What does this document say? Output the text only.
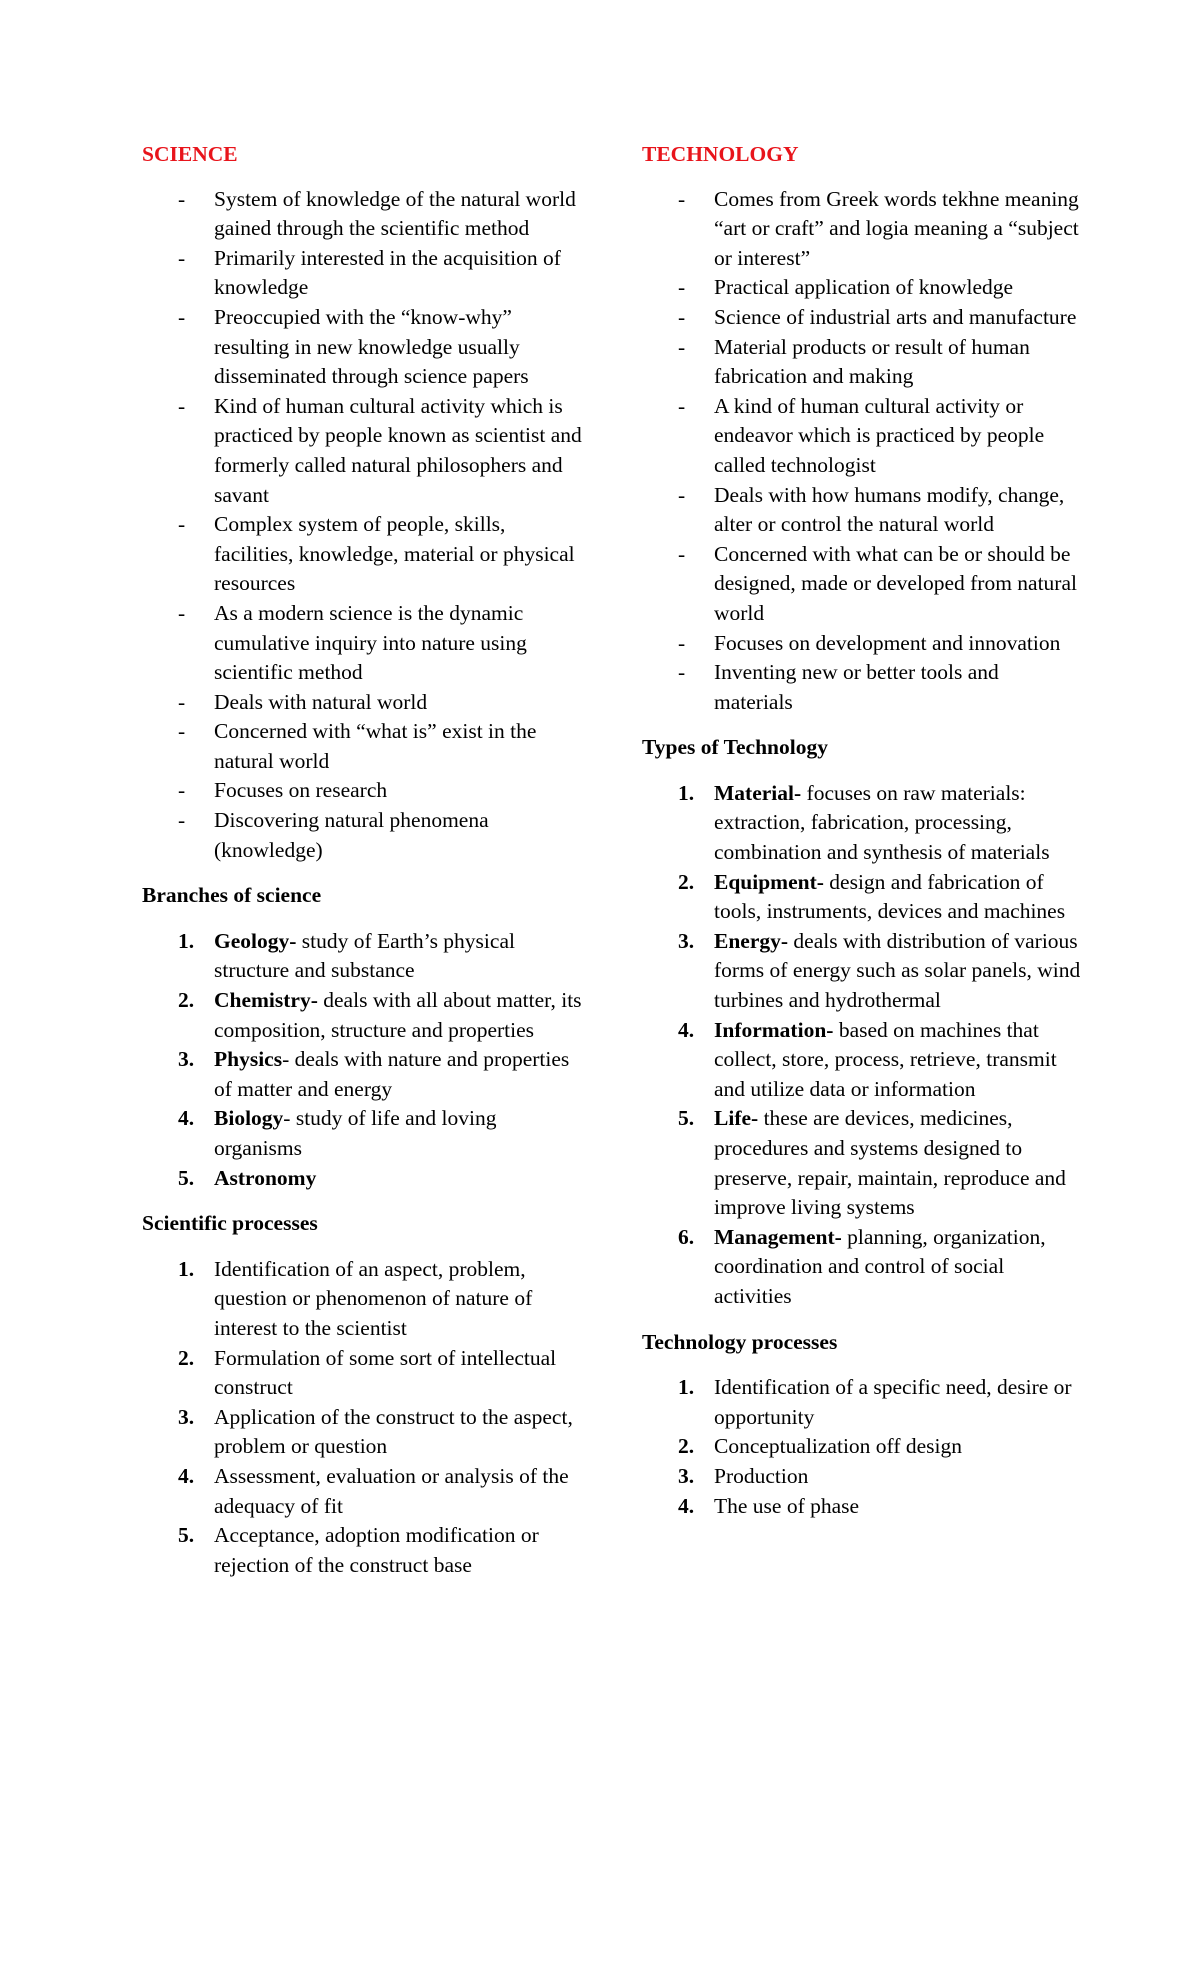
SCIENCE
- System of knowledge of the natural world gained through the scientific method
- Primarily interested in the acquisition of knowledge
- Preoccupied with the “know-why” resulting in new knowledge usually disseminated through science papers
- Kind of human cultural activity which is practiced by people known as scientist and formerly called natural philosophers and savant
- Complex system of people, skills, facilities, knowledge, material or physical resources
- As a modern science is the dynamic cumulative inquiry into nature using scientific method
- Deals with natural world
- Concerned with “what is” exist in the natural world
- Focuses on research
- Discovering natural phenomena (knowledge)
Branches of science
1. Geology- study of Earth’s physical structure and substance
2. Chemistry- deals with all about matter, its composition, structure and properties
3. Physics- deals with nature and properties of matter and energy
4. Biology- study of life and loving organisms
5. Astronomy
Scientific processes
1. Identification of an aspect, problem, question or phenomenon of nature of interest to the scientist
2. Formulation of some sort of intellectual construct
3. Application of the construct to the aspect, problem or question
4. Assessment, evaluation or analysis of the adequacy of fit
5. Acceptance, adoption modification or rejection of the construct base
TECHNOLOGY
- Comes from Greek words tekhne meaning “art or craft” and logia meaning a “subject or interest”
- Practical application of knowledge
- Science of industrial arts and manufacture
- Material products or result of human fabrication and making
- A kind of human cultural activity or endeavor which is practiced by people called technologist
- Deals with how humans modify, change, alter or control the natural world
- Concerned with what can be or should be designed, made or developed from natural world
- Focuses on development and innovation
- Inventing new or better tools and materials
Types of Technology
1. Material- focuses on raw materials: extraction, fabrication, processing, combination and synthesis of materials
2. Equipment- design and fabrication of tools, instruments, devices and machines
3. Energy- deals with distribution of various forms of energy such as solar panels, wind turbines and hydrothermal
4. Information- based on machines that collect, store, process, retrieve, transmit and utilize data or information
5. Life- these are devices, medicines, procedures and systems designed to preserve, repair, maintain, reproduce and improve living systems
6. Management- planning, organization, coordination and control of social activities
Technology processes
1. Identification of a specific need, desire or opportunity
2. Conceptualization off design
3. Production
4. The use of phase
